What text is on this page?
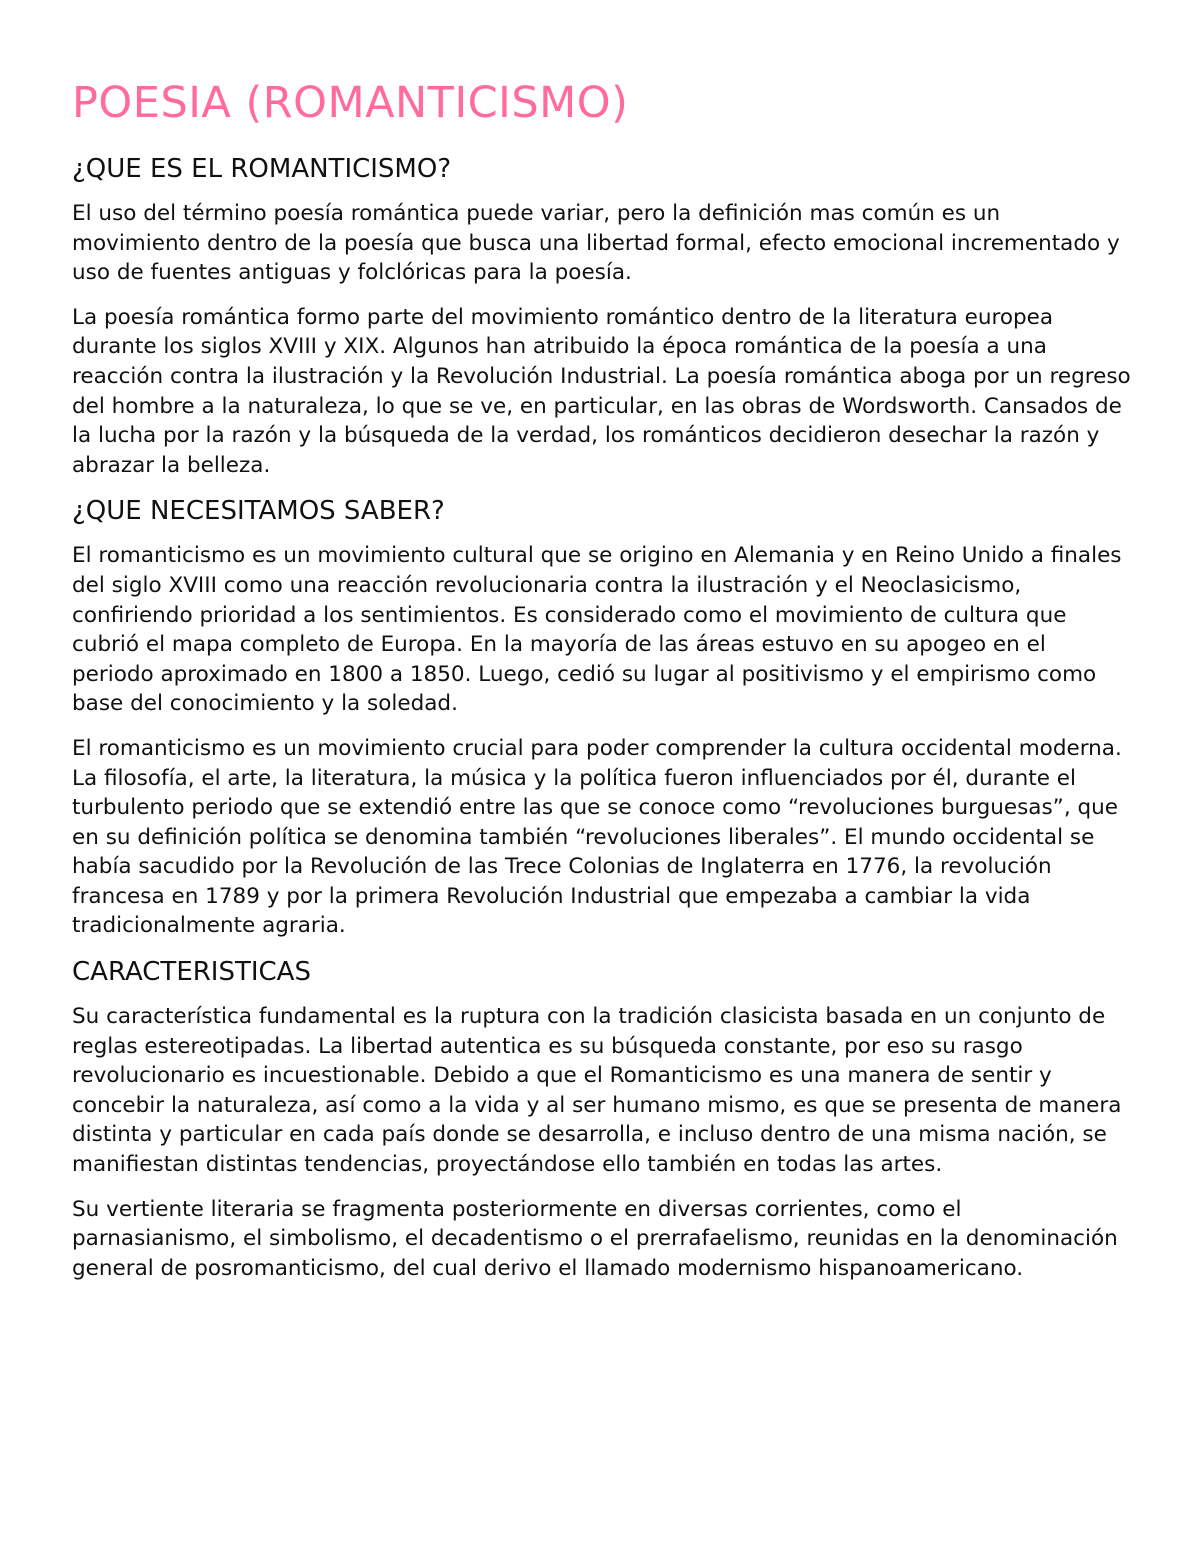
POESIA (ROMANTICISMO)
¿QUE ES EL ROMANTICISMO?

El uso del término poesía romántica puede variar, pero la definición mas común es un movimiento dentro de la poesía que busca una libertad formal, efecto emocional incrementado y uso de fuentes antiguas y folclóricas para la poesía.

La poesía romántica formo parte del movimiento romántico dentro de la literatura europea durante los siglos XVIII y XIX. Algunos han atribuido la época romántica de la poesía a una reacción contra la ilustración y la Revolución Industrial. La poesía romántica aboga por un regreso del hombre a la naturaleza, lo que se ve, en particular, en las obras de Wordsworth. Cansados de la lucha por la razón y la búsqueda de la verdad, los románticos decidieron desechar la razón y abrazar la belleza.

¿QUE NECESITAMOS SABER?

El romanticismo es un movimiento cultural que se origino en Alemania y en Reino Unido a finales del siglo XVIII como una reacción revolucionaria contra la ilustración y el Neoclasicismo, confiriendo prioridad a los sentimientos. Es considerado como el movimiento de cultura que cubrió el mapa completo de Europa. En la mayoría de las áreas estuvo en su apogeo en el periodo aproximado en 1800 a 1850. Luego, cedió su lugar al positivismo y el empirismo como base del conocimiento y la soledad.

El romanticismo es un movimiento crucial para poder comprender la cultura occidental moderna. La filosofía, el arte, la literatura, la música y la política fueron influenciados por él, durante el turbulento periodo que se extendió entre las que se conoce como “revoluciones burguesas”, que en su definición política se denomina también “revoluciones liberales”. El mundo occidental se había sacudido por la Revolución de las Trece Colonias de Inglaterra en 1776, la revolución francesa en 1789 y por la primera Revolución Industrial que empezaba a cambiar la vida tradicionalmente agraria.

CARACTERISTICAS

Su característica fundamental es la ruptura con la tradición clasicista basada en un conjunto de reglas estereotipadas. La libertad autentica es su búsqueda constante, por eso su rasgo revolucionario es incuestionable. Debido a que el Romanticismo es una manera de sentir y concebir la naturaleza, así como a la vida y al ser humano mismo, es que se presenta de manera distinta y particular en cada país donde se desarrolla, e incluso dentro de una misma nación, se manifiestan distintas tendencias, proyectándose ello también en todas las artes.

Su vertiente literaria se fragmenta posteriormente en diversas corrientes, como el parnasianismo, el simbolismo, el decadentismo o el prerrafaelismo, reunidas en la denominación general de posromanticismo, del cual derivo el llamado modernismo hispanoamericano.
